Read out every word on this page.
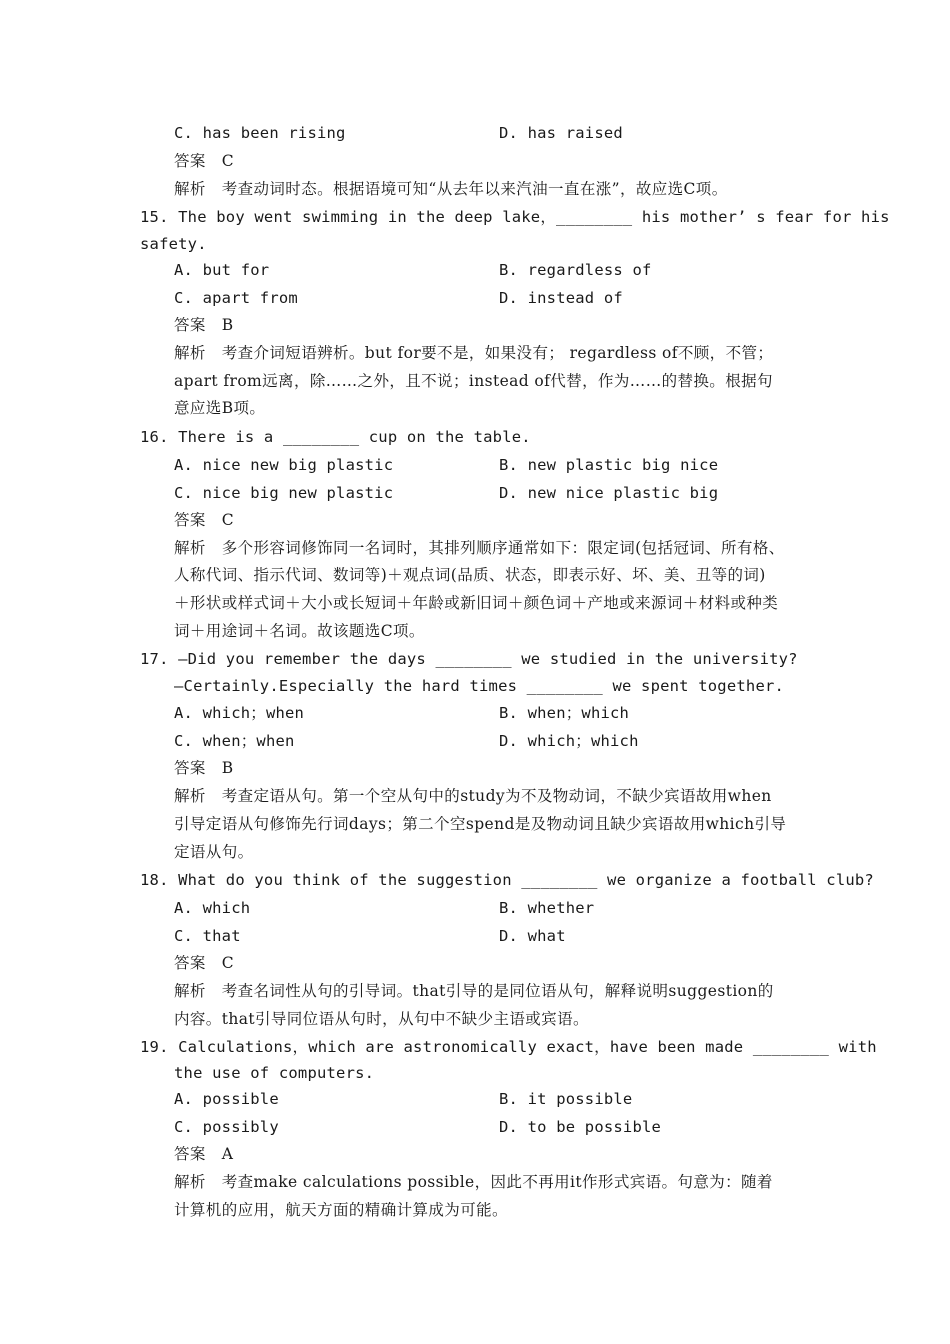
C. has been rising	D. has raised
答案　C
解析　考查动词时态。根据语境可知“从去年以来汽油一直在涨”，故应选C项。
15. The boy went swimming in the deep lake，________ his mother’ s fear for his
safety.
A. but for	B. regardless of
C. apart from	D. instead of
答案　B
解析　考查介词短语辨析。but for要不是，如果没有； regardless of不顾，不管；
apart from远离，除……之外，且不说；instead of代替，作为……的替换。根据句
意应选B项。
16. There is a ________ cup on the table.
A. nice new big plastic	B. new plastic big nice
C. nice big new plastic	D. new nice plastic big
答案　C
解析　多个形容词修饰同一名词时，其排列顺序通常如下：限定词(包括冠词、所有格、
人称代词、指示代词、数词等)＋观点词(品质、状态，即表示好、坏、美、丑等的词)
＋形状或样式词＋大小或长短词＋年龄或新旧词＋颜色词＋产地或来源词＋材料或种类
词＋用途词＋名词。故该题选C项。
17. —Did you remember the days ________ we studied in the university?
—Certainly.Especially the hard times ________ we spent together.
A. which；when	B. when；which
C. when；when	D. which；which
答案　B
解析　考查定语从句。第一个空从句中的study为不及物动词，不缺少宾语故用when
引导定语从句修饰先行词days；第二个空spend是及物动词且缺少宾语故用which引导
定语从句。
18. What do you think of the suggestion ________ we organize a football club?
A. which	B. whether
C. that	D. what
答案　C
解析　考查名词性从句的引导词。that引导的是同位语从句，解释说明suggestion的
内容。that引导同位语从句时，从句中不缺少主语或宾语。
19. Calculations，which are astronomically exact，have been made ________ with
the use of computers.
A. possible	B. it possible
C. possibly	D. to be possible
答案　A
解析　考查make calculations possible，因此不再用it作形式宾语。句意为：随着
计算机的应用，航天方面的精确计算成为可能。
